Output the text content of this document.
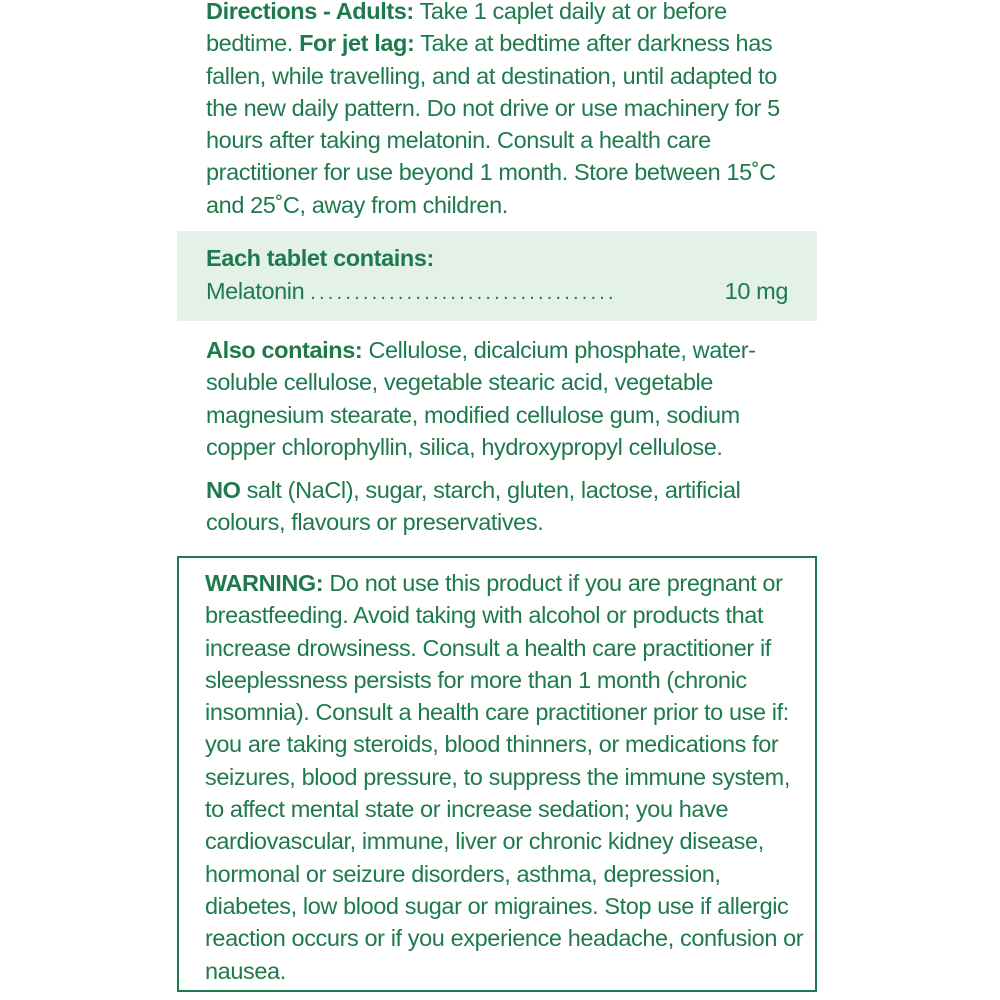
Directions - Adults: Take 1 caplet daily at or before bedtime. For jet lag: Take at bedtime after darkness has fallen, while travelling, and at destination, until adapted to the new daily pattern. Do not drive or use machinery for 5 hours after taking melatonin. Consult a health care practitioner for use beyond 1 month. Store between 15˚C and 25˚C, away from children.

Each tablet contains:
Melatonin ...................................	10 mg

Also contains: Cellulose, dicalcium phosphate, water-soluble cellulose, vegetable stearic acid, vegetable magnesium stearate, modified cellulose gum, sodium copper chlorophyllin, silica, hydroxypropyl cellulose.

NO salt (NaCl), sugar, starch, gluten, lactose, artificial colours, flavours or preservatives.

WARNING: Do not use this product if you are pregnant or breastfeeding. Avoid taking with alcohol or products that increase drowsiness. Consult a health care practitioner if sleeplessness persists for more than 1 month (chronic insomnia). Consult a health care practitioner prior to use if: you are taking steroids, blood thinners, or medications for seizures, blood pressure, to suppress the immune system, to affect mental state or increase sedation; you have cardiovascular, immune, liver or chronic kidney disease, hormonal or seizure disorders, asthma, depression, diabetes, low blood sugar or migraines. Stop use if allergic reaction occurs or if you experience headache, confusion or nausea.
